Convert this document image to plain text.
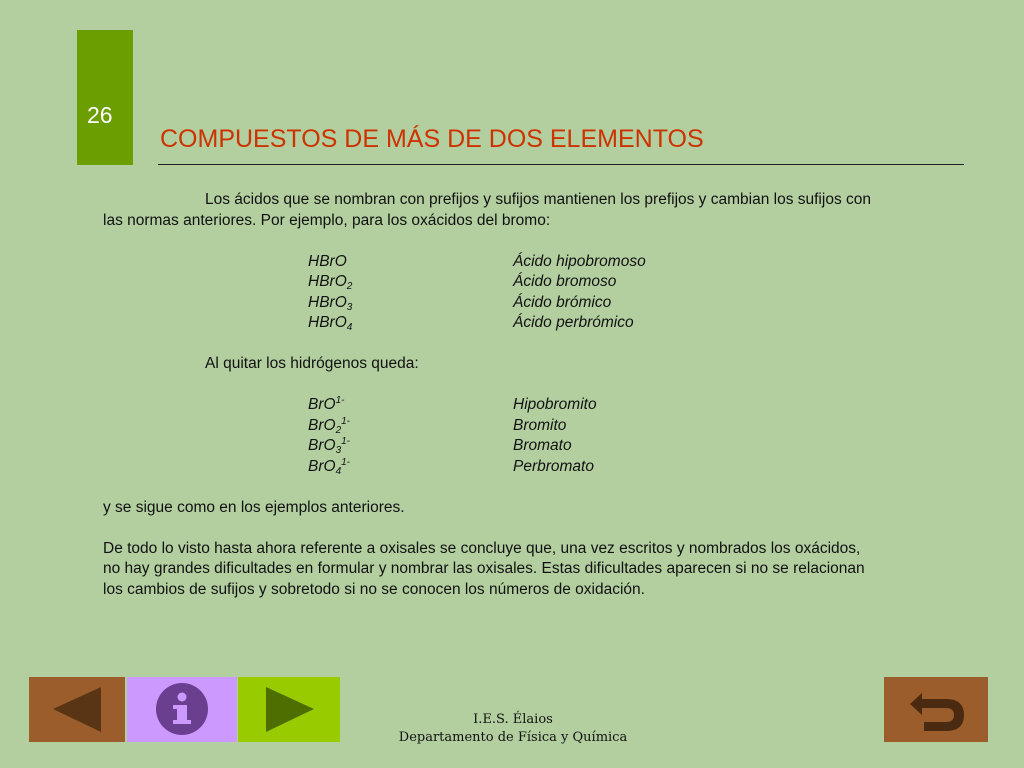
26
COMPUESTOS DE MÁS DE DOS ELEMENTOS
Los ácidos que se nombran con prefijos y sufijos mantienen los prefijos y cambian los sufijos con
las normas anteriores. Por ejemplo, para los oxácidos del bromo:
HBrO	Ácido hipobromoso
HBrO$_2$	Ácido bromoso
HBrO$_3$	Ácido brómico
HBrO$_4$	Ácido perbrómico
Al quitar los hidrógenos queda:
BrO$^{1-}$	Hipobromito
BrO$_2^{1-}$	Bromito
BrO$_3^{1-}$	Bromato
BrO$_4^{1-}$	Perbromato
y se sigue como en los ejemplos anteriores.
De todo lo visto hasta ahora referente a oxisales se concluye que, una vez escritos y nombrados los oxácidos,
no hay grandes dificultades en formular y nombrar las oxisales. Estas dificultades aparecen si no se relacionan
los cambios de sufijos y sobretodo si no se conocen los números de oxidación.
I.E.S. Élaios
Departamento de Física y Química
